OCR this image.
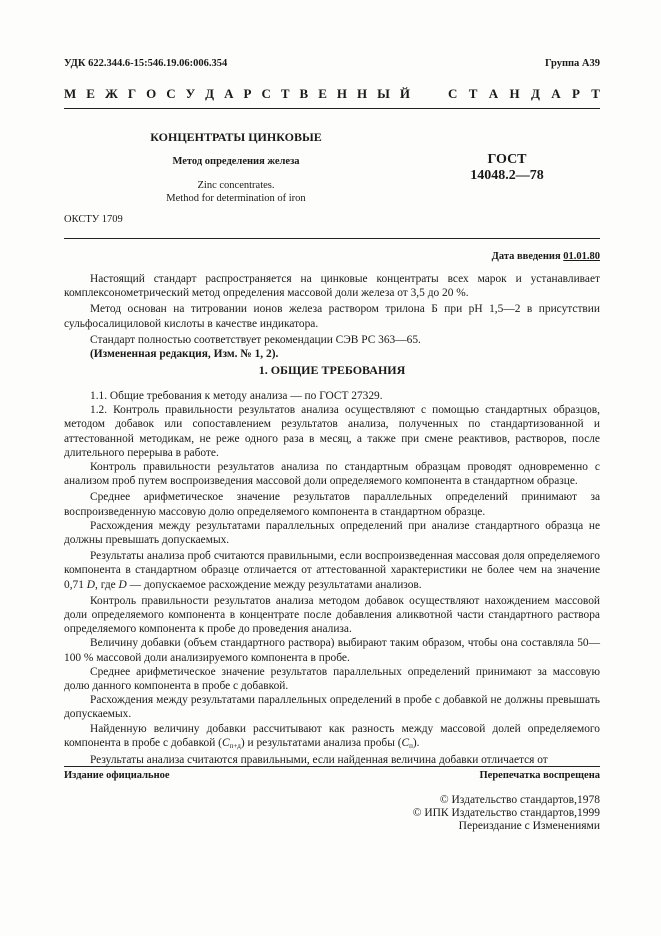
УДК 622.344.6-15:546.19.06:006.354	Группа А39
М Е Ж Г О С У Д А Р С Т В Е Н Н Ы Й	С Т А Н Д А Р Т
КОНЦЕНТРАТЫ ЦИНКОВЫЕ
Метод определения железа
Zinc concentrates.
Method for determination of iron
ГОСТ
14048.2—78
ОКСТУ 1709
Дата введения 01.01.80

Настоящий стандарт распространяется на цинковые концентраты всех марок и устанавливает комплексонометрический метод определения массовой доли железа от 3,5 до 20 %.

Метод основан на титровании ионов железа раствором трилона Б при рН 1,5—2 в присутствии сульфосалициловой кислоты в качестве индикатора.

Стандарт полностью соответствует рекомендации СЭВ РС 363—65.

(Измененная редакция, Изм. № 1, 2).

1. ОБЩИЕ ТРЕБОВАНИЯ

1.1. Общие требования к методу анализа — по ГОСТ 27329.

1.2. Контроль правильности результатов анализа осуществляют с помощью стандартных образцов, методом добавок или сопоставлением результатов анализа, полученных по стандартизованной и аттестованной методикам, не реже одного раза в месяц, а также при смене реактивов, растворов, после длительного перерыва в работе.

Контроль правильности результатов анализа по стандартным образцам проводят одновременно с анализом проб путем воспроизведения массовой доли определяемого компонента в стандартном образце.

Среднее арифметическое значение результатов параллельных определений принимают за воспроизведенную массовую долю определяемого компонента в стандартном образце.

Расхождения между результатами параллельных определений при анализе стандартного образца не должны превышать допускаемых.

Результаты анализа проб считаются правильными, если воспроизведенная массовая доля определяемого компонента в стандартном образце отличается от аттестованной характеристики не более чем на значение 0,71 D, где D — допускаемое расхождение между результатами анализов.

Контроль правильности результатов анализа методом добавок осуществляют нахождением массовой доли определяемого компонента в концентрате после добавления аликвотной части стандартного раствора определяемого компонента к пробе до проведения анализа.

Величину добавки (объем стандартного раствора) выбирают таким образом, чтобы она составляла 50—100 % массовой доли анализируемого компонента в пробе.

Среднее арифметическое значение результатов параллельных определений принимают за массовую долю данного компонента в пробе с добавкой.

Расхождения между результатами параллельных определений в пробе с добавкой не должны превышать допускаемых.

Найденную величину добавки рассчитывают как разность между массовой долей определяемого компонента в пробе с добавкой $(C_{п+д})$ и результатами анализа пробы $(C_п)$.

Результаты анализа считаются правильными, если найденная величина добавки отличается от

Издание официальное	Перепечатка воспрещена
© Издательство стандартов,1978
© ИПК Издательство стандартов,1999
Переиздание с Изменениями
